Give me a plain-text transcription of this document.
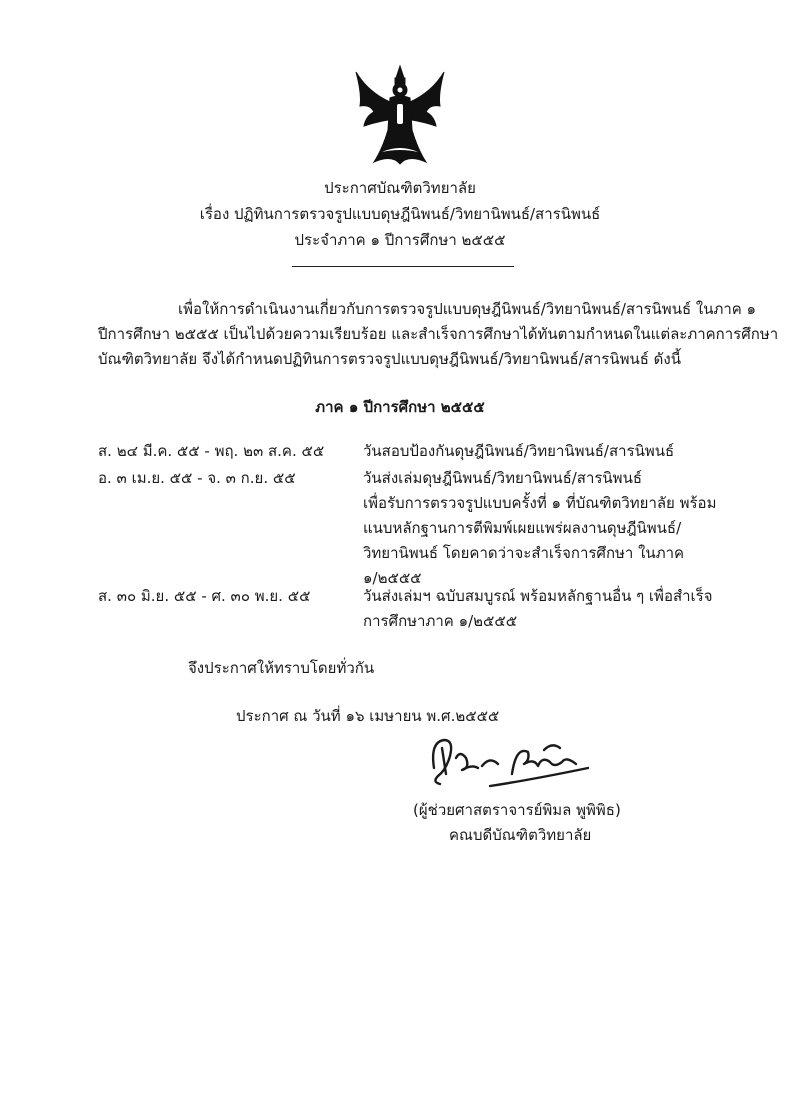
ประกาศบัณฑิตวิทยาลัย
เรื่อง ปฏิทินการตรวจรูปแบบดุษฎีนิพนธ์/วิทยานิพนธ์/สารนิพนธ์
ประจำภาค ๑ ปีการศึกษา ๒๕๕๕
เพื่อให้การดำเนินงานเกี่ยวกับการตรวจรูปแบบดุษฎีนิพนธ์/วิทยานิพนธ์/สารนิพนธ์ ในภาค ๑
ปีการศึกษา ๒๕๕๕ เป็นไปด้วยความเรียบร้อย และสำเร็จการศึกษาได้ทันตามกำหนดในแต่ละภาคการศึกษา
บัณฑิตวิทยาลัย จึงได้กำหนดปฏิทินการตรวจรูปแบบดุษฎีนิพนธ์/วิทยานิพนธ์/สารนิพนธ์ ดังนี้
ภาค ๑ ปีการศึกษา ๒๕๕๕
ส. ๒๔ มี.ค. ๕๕ - พฤ. ๒๓ ส.ค. ๕๕	วันสอบป้องกันดุษฎีนิพนธ์/วิทยานิพนธ์/สารนิพนธ์
อ. ๓ เม.ย. ๕๕ - จ. ๓ ก.ย. ๕๕	วันส่งเล่มดุษฎีนิพนธ์/วิทยานิพนธ์/สารนิพนธ์
เพื่อรับการตรวจรูปแบบครั้งที่ ๑ ที่บัณฑิตวิทยาลัย พร้อม
แนบหลักฐานการตีพิมพ์เผยแพร่ผลงานดุษฎีนิพนธ์/
วิทยานิพนธ์ โดยคาดว่าจะสำเร็จการศึกษา ในภาค
๑/๒๕๕๕
ส. ๓๐ มิ.ย. ๕๕ - ศ. ๓๐ พ.ย. ๕๕	วันส่งเล่มฯ ฉบับสมบูรณ์ พร้อมหลักฐานอื่น ๆ เพื่อสำเร็จ
การศึกษาภาค ๑/๒๕๕๕
จึงประกาศให้ทราบโดยทั่วกัน
ประกาศ ณ วันที่ ๑๖ เมษายน พ.ศ.๒๕๕๕
(ผู้ช่วยศาสตราจารย์พิมล พูพิพิธ)
คณบดีบัณฑิตวิทยาลัย
